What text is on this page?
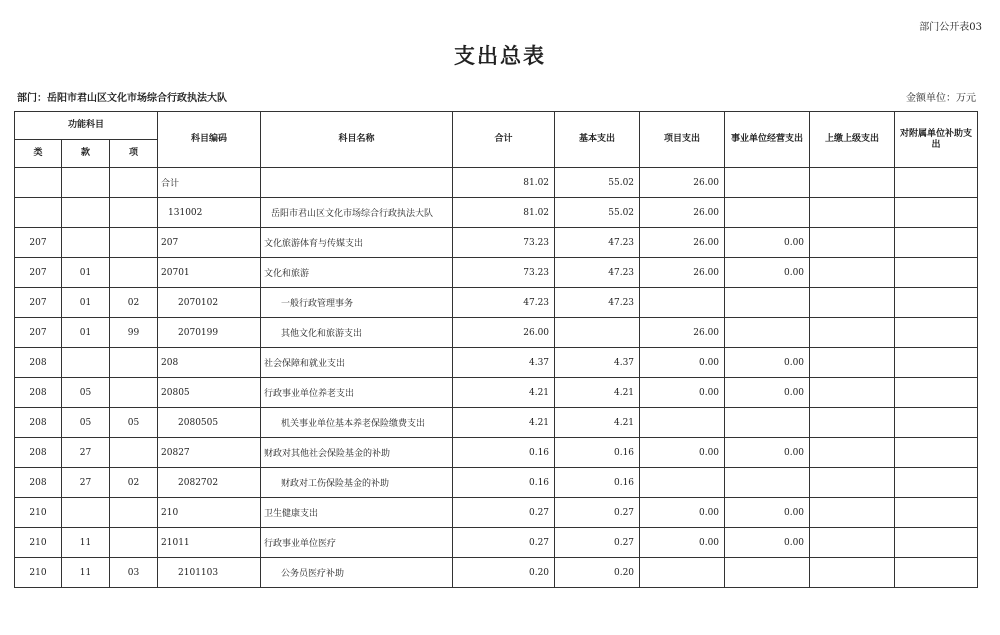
部门公开表03
支出总表
部门：岳阳市君山区文化市场综合行政执法大队	金额单位：万元
功能科目			科目编码	科目名称	合计	基本支出	项目支出	事业单位经营支出	上缴上级支出	对附属单位补助支出
类	款	项								
			合计		81.02	55.02	26.00			
			131002	岳阳市君山区文化市场综合行政执法大队	81.02	55.02	26.00			
207			207	文化旅游体育与传媒支出	73.23	47.23	26.00	0.00		
207	01		20701	文化和旅游	73.23	47.23	26.00	0.00		
207	01	02	2070102	一般行政管理事务	47.23	47.23				
207	01	99	2070199	其他文化和旅游支出	26.00		26.00			
208			208	社会保障和就业支出	4.37	4.37	0.00	0.00		
208	05		20805	行政事业单位养老支出	4.21	4.21	0.00	0.00		
208	05	05	2080505	机关事业单位基本养老保险缴费支出	4.21	4.21				
208	27		20827	财政对其他社会保险基金的补助	0.16	0.16	0.00	0.00		
208	27	02	2082702	财政对工伤保险基金的补助	0.16	0.16				
210			210	卫生健康支出	0.27	0.27	0.00	0.00		
210	11		21011	行政事业单位医疗	0.27	0.27	0.00	0.00		
210	11	03	2101103	公务员医疗补助	0.20	0.20				
